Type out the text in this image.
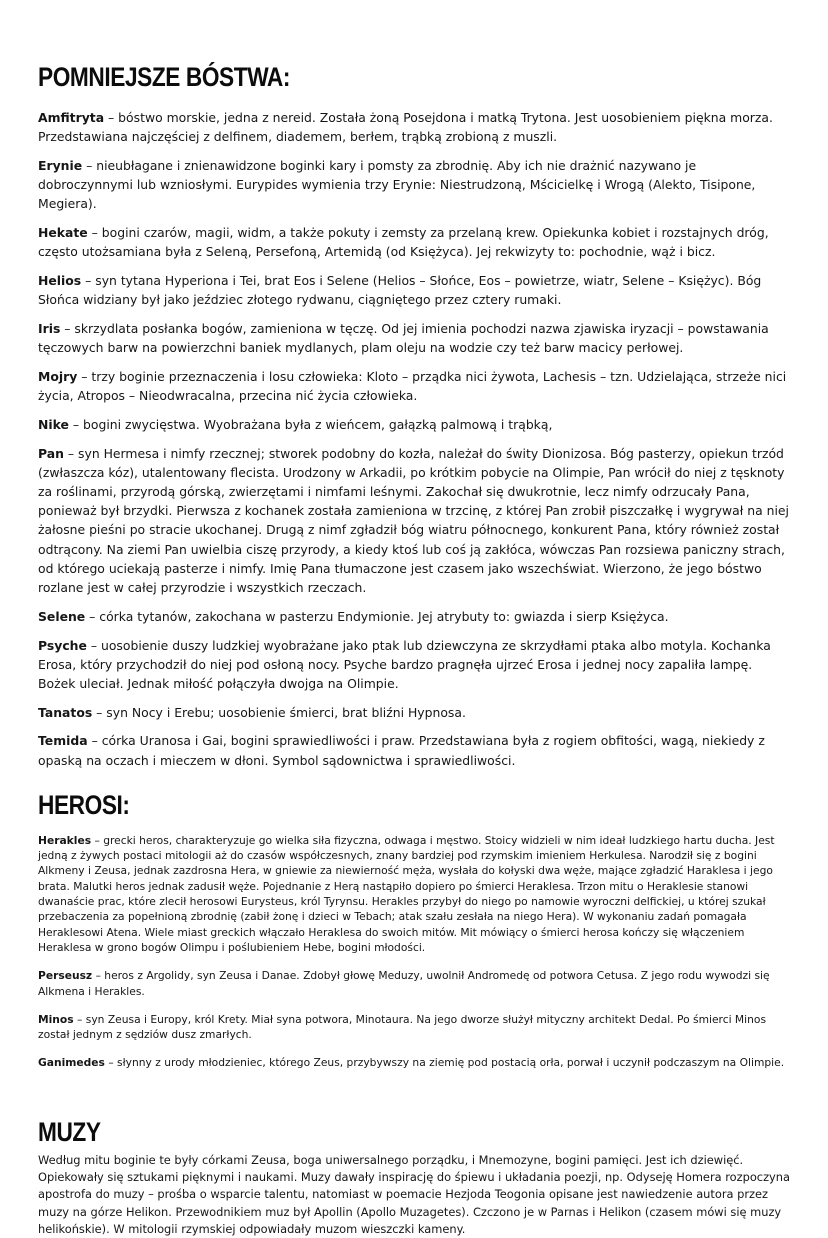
POMNIEJSZE BÓSTWA:

Amfitryta – bóstwo morskie, jedna z nereid. Została żoną Posejdona i matką Trytona. Jest uosobieniem piękna morza. Przedstawiana najczęściej z delfinem, diademem, berłem, trąbką zrobioną z muszli.

Erynie – nieubłagane i znienawidzone boginki kary i pomsty za zbrodnię. Aby ich nie drażnić nazywano je dobroczynnymi lub wzniosłymi. Eurypides wymienia trzy Erynie: Niestrudzoną, Mścicielkę i Wrogą (Alekto, Tisipone, Megiera).

Hekate – bogini czarów, magii, widm, a także pokuty i zemsty za przelaną krew. Opiekunka kobiet i rozstajnych dróg, często utożsamiana była z Seleną, Persefoną, Artemidą (od Księżyca). Jej rekwizyty to: pochodnie, wąż i bicz.

Helios – syn tytana Hyperiona i Tei, brat Eos i Selene (Helios – Słońce, Eos – powietrze, wiatr, Selene – Księżyc). Bóg Słońca widziany był jako jeździec złotego rydwanu, ciągniętego przez cztery rumaki.

Iris – skrzydlata posłanka bogów, zamieniona w tęczę. Od jej imienia pochodzi nazwa zjawiska iryzacji – powstawania tęczowych barw na powierzchni baniek mydlanych, plam oleju na wodzie czy też barw macicy perłowej.

Mojry – trzy boginie przeznaczenia i losu człowieka: Kloto – prządka nici żywota, Lachesis – tzn. Udzielająca, strzeże nici życia, Atropos – Nieodwracalna, przecina nić życia człowieka.

Nike – bogini zwycięstwa. Wyobrażana była z wieńcem, gałązką palmową i trąbką,

Pan – syn Hermesa i nimfy rzecznej; stworek podobny do kozła, należał do świty Dionizosa. Bóg pasterzy, opiekun trzód (zwłaszcza kóz), utalentowany flecista. Urodzony w Arkadii, po krótkim pobycie na Olimpie, Pan wrócił do niej z tęsknoty za roślinami, przyrodą górską, zwierzętami i nimfami leśnymi. Zakochał się dwukrotnie, lecz nimfy odrzucały Pana, ponieważ był brzydki. Pierwsza z kochanek została zamieniona w trzcinę, z której Pan zrobił piszczałkę i wygrywał na niej żałosne pieśni po stracie ukochanej. Drugą z nimf zgładził bóg wiatru północnego, konkurent Pana, który również został odtrącony. Na ziemi Pan uwielbia ciszę przyrody, a kiedy ktoś lub coś ją zakłóca, wówczas Pan rozsiewa paniczny strach, od którego uciekają pasterze i nimfy. Imię Pana tłumaczone jest czasem jako wszechświat. Wierzono, że jego bóstwo rozlane jest w całej przyrodzie i wszystkich rzeczach.

Selene – córka tytanów, zakochana w pasterzu Endymionie. Jej atrybuty to: gwiazda i sierp Księżyca.

Psyche – uosobienie duszy ludzkiej wyobrażane jako ptak lub dziewczyna ze skrzydłami ptaka albo motyla. Kochanka Erosa, który przychodził do niej pod osłoną nocy. Psyche bardzo pragnęła ujrzeć Erosa i jednej nocy zapaliła lampę. Bożek uleciał. Jednak miłość połączyła dwojga na Olimpie.

Tanatos – syn Nocy i Erebu; uosobienie śmierci, brat bliźni Hypnosa.

Temida – córka Uranosa i Gai, bogini sprawiedliwości i praw. Przedstawiana była z rogiem obfitości, wagą, niekiedy z opaską na oczach i mieczem w dłoni. Symbol sądownictwa i sprawiedliwości.

HEROSI:

Herakles – grecki heros, charakteryzuje go wielka siła fizyczna, odwaga i męstwo. Stoicy widzieli w nim ideał ludzkiego hartu ducha. Jest jedną z żywych postaci mitologii aż do czasów współczesnych, znany bardziej pod rzymskim imieniem Herkulesa. Narodził się z bogini Alkmeny i Zeusa, jednak zazdrosna Hera, w gniewie za niewierność męża, wysłała do kołyski dwa węże, mające zgładzić Haraklesa i jego brata. Malutki heros jednak zadusił węże. Pojednanie z Herą nastąpiło dopiero po śmierci Heraklesa. Trzon mitu o Heraklesie stanowi dwanaście prac, które zlecił herosowi Eurysteus, król Tyrynsu. Herakles przybył do niego po namowie wyroczni delfickiej, u której szukał przebaczenia za popełnioną zbrodnię (zabił żonę i dzieci w Tebach; atak szału zesłała na niego Hera). W wykonaniu zadań pomagała Heraklesowi Atena. Wiele miast greckich włączało Heraklesa do swoich mitów. Mit mówiący o śmierci herosa kończy się włączeniem Heraklesa w grono bogów Olimpu i poślubieniem Hebe, bogini młodości.

Perseusz – heros z Argolidy, syn Zeusa i Danae. Zdobył głowę Meduzy, uwolnił Andromedę od potwora Cetusa. Z jego rodu wywodzi się Alkmena i Herakles.

Minos – syn Zeusa i Europy, król Krety. Miał syna potwora, Minotaura. Na jego dworze służył mityczny architekt Dedal. Po śmierci Minos został jednym z sędziów dusz zmarłych.

Ganimedes – słynny z urody młodzieniec, którego Zeus, przybywszy na ziemię pod postacią orła, porwał i uczynił podczaszym na Olimpie.

MUZY

Według mitu boginie te były córkami Zeusa, boga uniwersalnego porządku, i Mnemozyne, bogini pamięci. Jest ich dziewięć. Opiekowały się sztukami pięknymi i naukami. Muzy dawały inspirację do śpiewu i układania poezji, np. Odyseję Homera rozpoczyna apostrofa do muzy – prośba o wsparcie talentu, natomiast w poemacie Hezjoda Teogonia opisane jest nawiedzenie autora przez muzy na górze Helikon. Przewodnikiem muz był Apollin (Apollo Muzagetes). Czczono je w Parnas i Helikon (czasem mówi się muzy helikońskie). W mitologii rzymskiej odpowiadały muzom wieszczki kameny.
